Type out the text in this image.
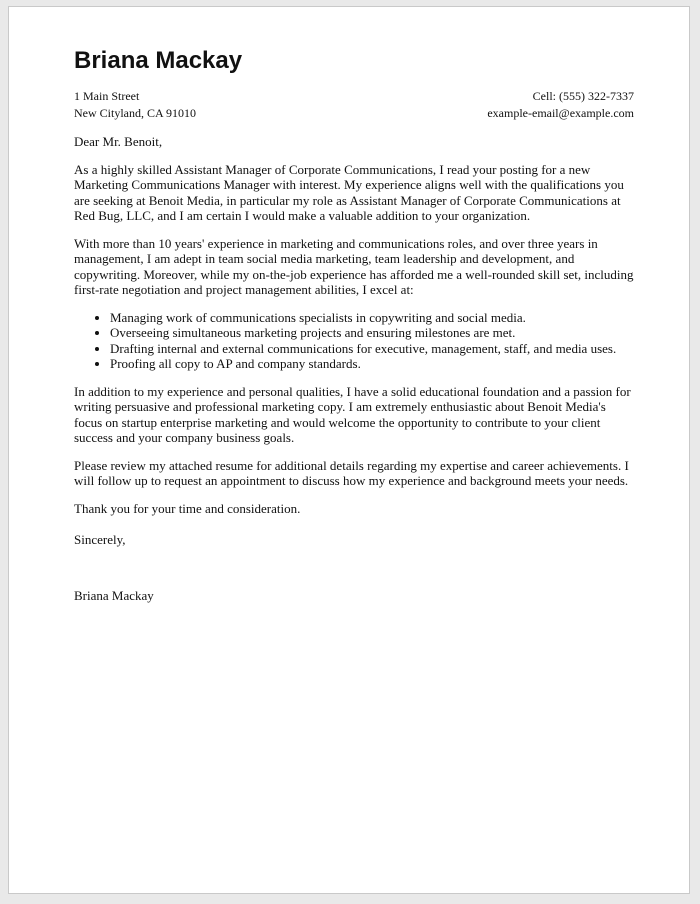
Briana Mackay
1 Main Street
New Cityland, CA 91010
Cell: (555) 322-7337
example-email@example.com
Dear Mr. Benoit,

As a highly skilled Assistant Manager of Corporate Communications, I read your posting for a new Marketing Communications Manager with interest. My experience aligns well with the qualifications you are seeking at Benoit Media, in particular my role as Assistant Manager of Corporate Communications at Red Bug, LLC, and I am certain I would make a valuable addition to your organization.

With more than 10 years' experience in marketing and communications roles, and over three years in management, I am adept in team social media marketing, team leadership and development, and copywriting. Moreover, while my on-the-job experience has afforded me a well-rounded skill set, including first-rate negotiation and project management abilities, I excel at:

• Managing work of communications specialists in copywriting and social media.
• Overseeing simultaneous marketing projects and ensuring milestones are met.
• Drafting internal and external communications for executive, management, staff, and media uses.
• Proofing all copy to AP and company standards.

In addition to my experience and personal qualities, I have a solid educational foundation and a passion for writing persuasive and professional marketing copy. I am extremely enthusiastic about Benoit Media's focus on startup enterprise marketing and would welcome the opportunity to contribute to your client success and your company business goals.

Please review my attached resume for additional details regarding my expertise and career achievements. I will follow up to request an appointment to discuss how my experience and background meets your needs.

Thank you for your time and consideration.

Sincerely,
Briana Mackay
